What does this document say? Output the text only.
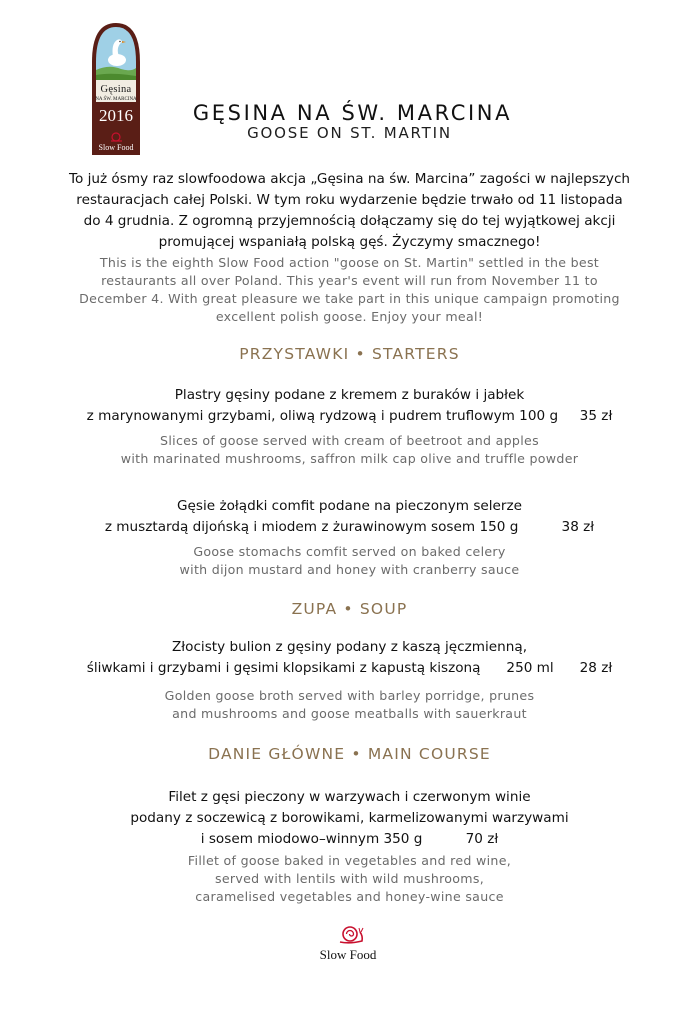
Gęsina
NA ŚW. MARCINA
2016
Slow Food
GĘSINA NA ŚW. MARCINA
GOOSE ON ST. MARTIN
To już ósmy raz slowfoodowa akcja „Gęsina na św. Marcina” zagości w najlepszych
restauracjach całej Polski. W tym roku wydarzenie będzie trwało od 11 listopada
do 4 grudnia. Z ogromną przyjemnością dołączamy się do tej wyjątkowej akcji
promującej wspaniałą polską gęś. Życzymy smacznego!
This is the eighth Slow Food action "goose on St. Martin" settled in the best
restaurants all over Poland. This year's event will run from November 11 to
December 4. With great pleasure we take part in this unique campaign promoting
excellent polish goose. Enjoy your meal!
PRZYSTAWKI • STARTERS
Plastry gęsiny podane z kremem z buraków i jabłek
z marynowanymi grzybami, oliwą rydzową i pudrem truflowym 100 g     35 zł
Slices of goose served with cream of beetroot and apples
with marinated mushrooms, saffron milk cap olive and truffle powder
Gęsie żołądki comfit podane na pieczonym selerze
z musztardą dijońską i miodem z żurawinowym sosem 150 g          38 zł
Goose stomachs comfit served on baked celery
with dijon mustard and honey with cranberry sauce
ZUPA • SOUP
Złocisty bulion z gęsiny podany z kaszą jęczmienną,
śliwkami i grzybami i gęsimi klopsikami z kapustą kiszoną      250 ml      28 zł
Golden goose broth served with barley porridge, prunes
and mushrooms and goose meatballs with sauerkraut
DANIE GŁÓWNE • MAIN COURSE
Filet z gęsi pieczony w warzywach i czerwonym winie
podany z soczewicą z borowikami, karmelizowanymi warzywami
i sosem miodowo–winnym 350 g          70 zł
Fillet of goose baked in vegetables and red wine,
served with lentils with wild mushrooms,
caramelised vegetables and honey-wine sauce
Slow Food
